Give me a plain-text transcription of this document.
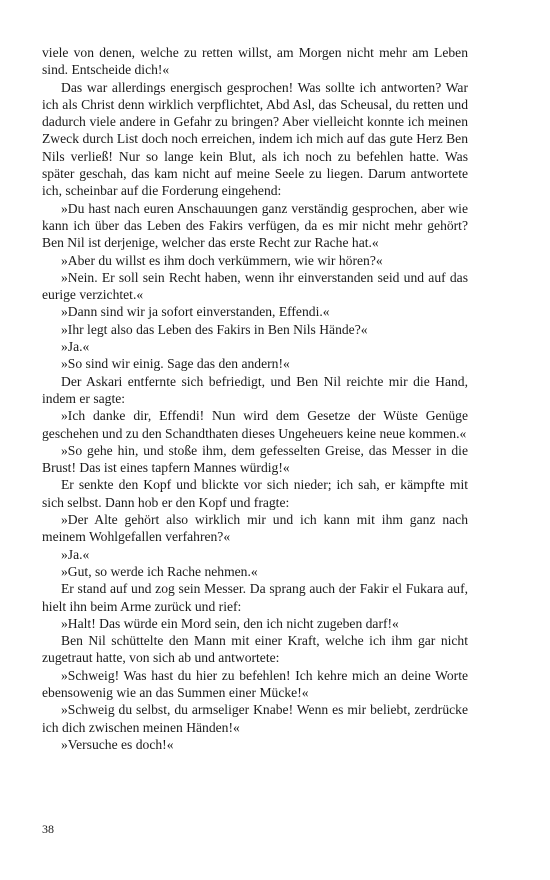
viele von denen, welche zu retten willst, am Morgen nicht mehr am Leben sind. Entscheide dich!«

Das war allerdings energisch gesprochen! Was sollte ich antworten? War ich als Christ denn wirklich verpflichtet, Abd Asl, das Scheusal, du retten und dadurch viele andere in Gefahr zu bringen? Aber vielleicht konnte ich meinen Zweck durch List doch noch erreichen, indem ich mich auf das gute Herz Ben Nils verließ! Nur so lange kein Blut, als ich noch zu befehlen hatte. Was später geschah, das kam nicht auf meine Seele zu liegen. Darum antwortete ich, scheinbar auf die Forderung eingehend:

»Du hast nach euren Anschauungen ganz verständig gesprochen, aber wie kann ich über das Leben des Fakirs verfügen, da es mir nicht mehr gehört? Ben Nil ist derjenige, welcher das erste Recht zur Rache hat.«

»Aber du willst es ihm doch verkümmern, wie wir hören?«

»Nein. Er soll sein Recht haben, wenn ihr einverstanden seid und auf das eurige verzichtet.«

»Dann sind wir ja sofort einverstanden, Effendi.«

»Ihr legt also das Leben des Fakirs in Ben Nils Hände?«

»Ja.«

»So sind wir einig. Sage das den andern!«

Der Askari entfernte sich befriedigt, und Ben Nil reichte mir die Hand, indem er sagte:

»Ich danke dir, Effendi! Nun wird dem Gesetze der Wüste Genüge geschehen und zu den Schandthaten dieses Ungeheuers keine neue kommen.«

»So gehe hin, und stoße ihm, dem gefesselten Greise, das Messer in die Brust! Das ist eines tapfern Mannes würdig!«

Er senkte den Kopf und blickte vor sich nieder; ich sah, er kämpfte mit sich selbst. Dann hob er den Kopf und fragte:

»Der Alte gehört also wirklich mir und ich kann mit ihm ganz nach meinem Wohlgefallen verfahren?«

»Ja.«

»Gut, so werde ich Rache nehmen.«

Er stand auf und zog sein Messer. Da sprang auch der Fakir el Fukara auf, hielt ihn beim Arme zurück und rief:

»Halt! Das würde ein Mord sein, den ich nicht zugeben darf!«

Ben Nil schüttelte den Mann mit einer Kraft, welche ich ihm gar nicht zugetraut hatte, von sich ab und antwortete:

»Schweig! Was hast du hier zu befehlen! Ich kehre mich an deine Worte ebensowenig wie an das Summen einer Mücke!«

»Schweig du selbst, du armseliger Knabe! Wenn es mir beliebt, zerdrücke ich dich zwischen meinen Händen!«

»Versuche es doch!«

38
